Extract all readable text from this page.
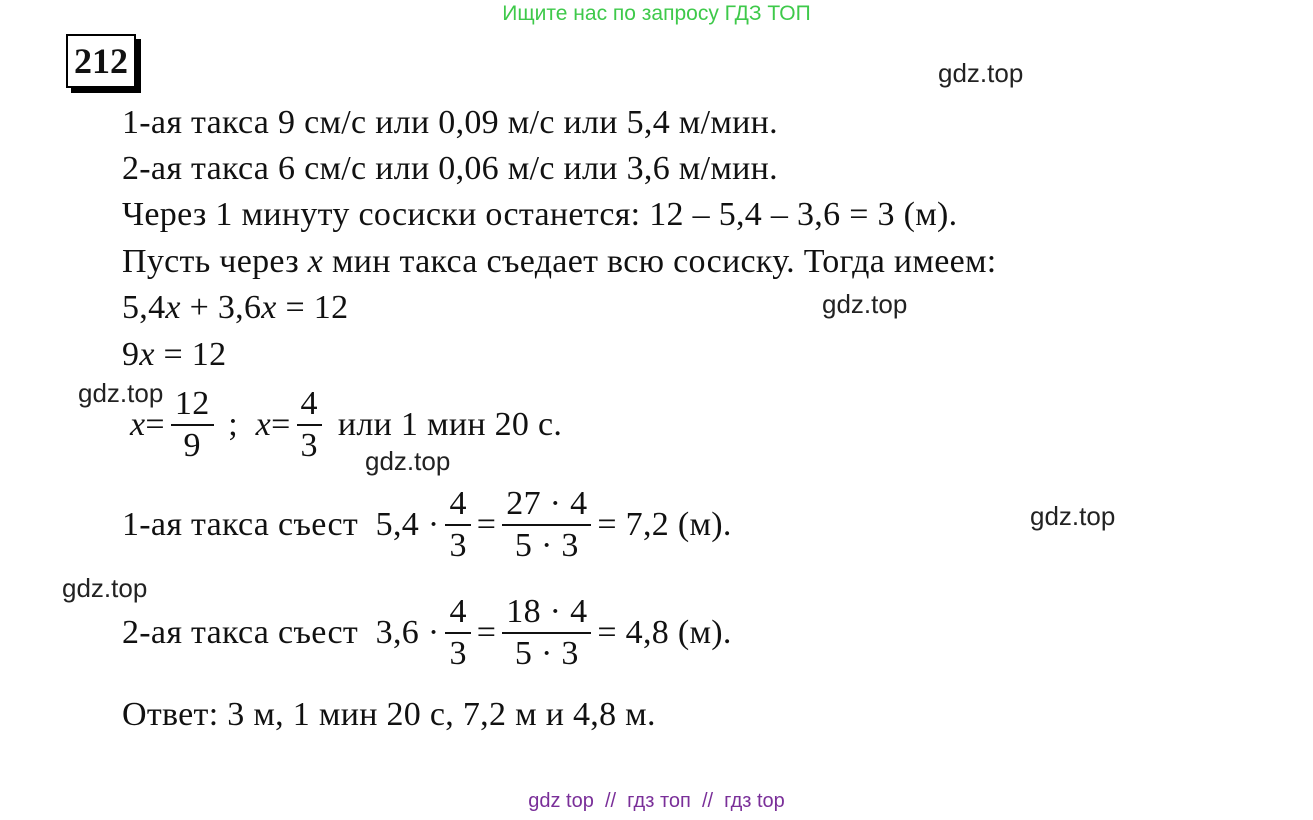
Ищите нас по запросу ГДЗ ТОП
212	gdz.top
gdz.top
gdz.top
gdz.top
gdz.top
gdz.top
1-ая такса 9 см/с или 0,09 м/с или 5,4 м/мин.
2-ая такса 6 см/с или 0,06 м/с или 3,6 м/мин.
Через 1 минуту сосиски останется: 12 – 5,4 – 3,6 = 3 (м).
Пусть через x мин такса съедает всю сосиску. Тогда имеем:
5,4x + 3,6x = 12
9x = 12
$x = \frac{12}{9}$ ; $x = \frac{4}{3}$ или 1 мин 20 с.
1-ая такса съест  $5,4 \cdot \frac{4}{3} = \frac{27 \cdot 4}{5 \cdot 3} = 7,2$ (м).
2-ая такса съест  $3,6 \cdot \frac{4}{3} = \frac{18 \cdot 4}{5 \cdot 3} = 4,8$ (м).
Ответ: 3 м, 1 мин 20 с, 7,2 м и 4,8 м.
gdz top  //  гдз топ  //  гдз top
